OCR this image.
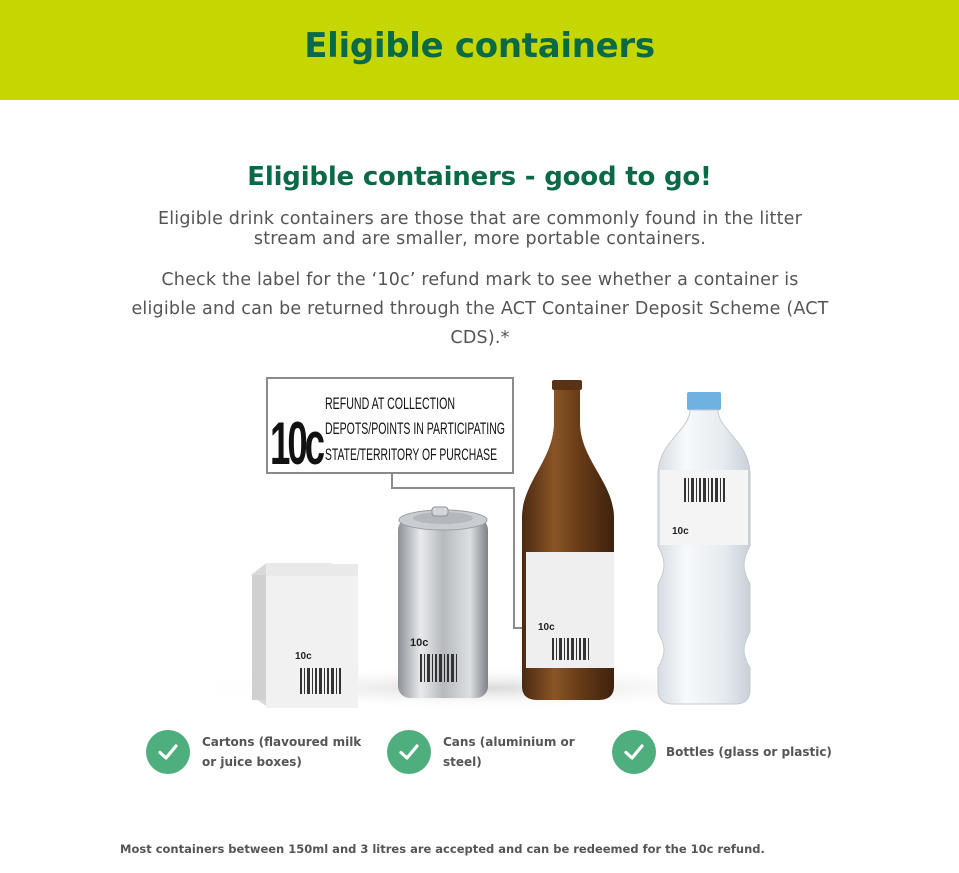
Eligible containers
Eligible containers - good to go!

Eligible drink containers are those that are commonly found in the litter stream and are smaller, more portable containers.

Check the label for the ‘10c’ refund mark to see whether a container is eligible and can be returned through the ACT Container Deposit Scheme (ACT CDS).*

10c
REFUND AT COLLECTION
DEPOTS/POINTS IN PARTICIPATING
STATE/TERRITORY OF PURCHASE
10c
10c
10c
10c
Cartons (flavoured milk or juice boxes)
Cans (aluminium or steel)
Bottles (glass or plastic)

Most containers between 150ml and 3 litres are accepted and can be redeemed for the 10c refund.
